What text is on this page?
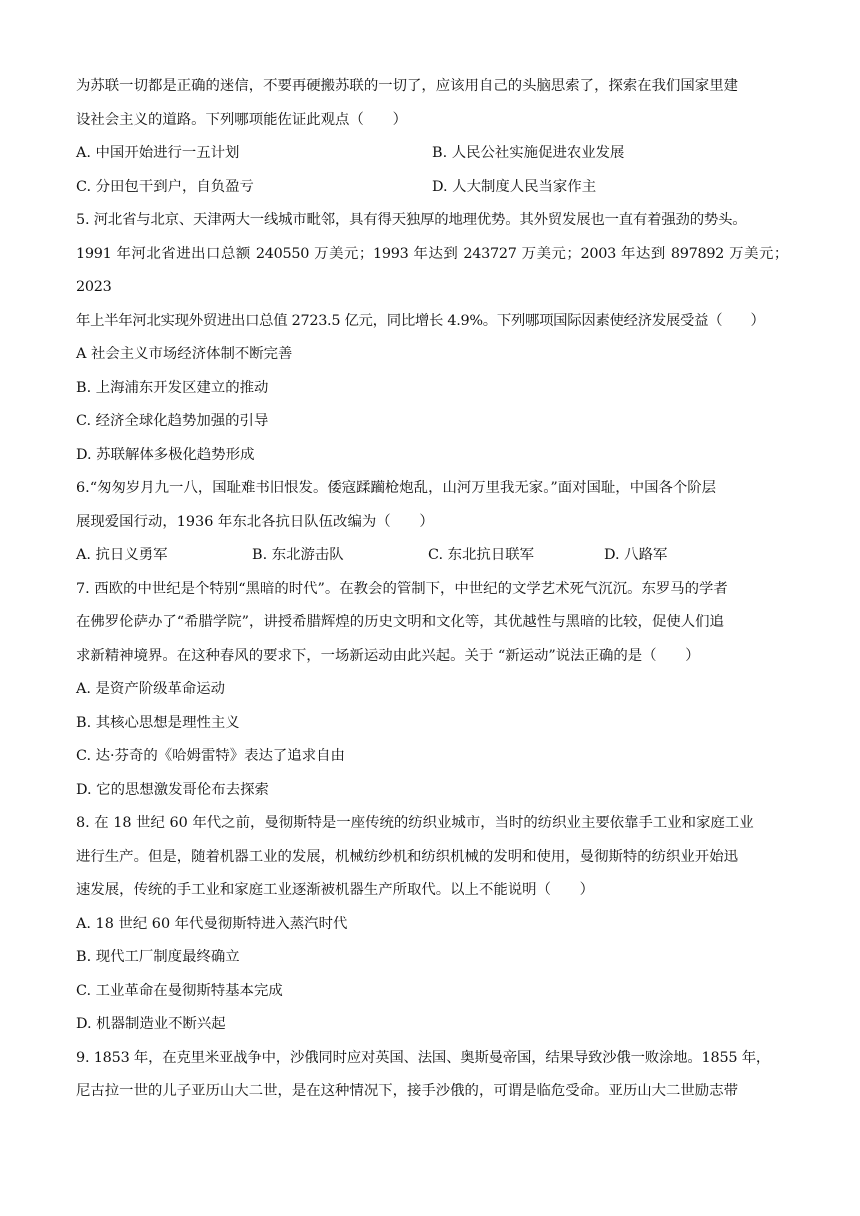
为苏联一切都是正确的迷信，不要再硬搬苏联的一切了，应该用自己的头脑思索了，探索在我们国家里建

设社会主义的道路。下列哪项能佐证此观点（　　）

A. 中国开始进行一五计划	B. 人民公社实施促进农业发展
C. 分田包干到户，自负盈亏	D. 人大制度人民当家作主

5. 河北省与北京、天津两大一线城市毗邻，具有得天独厚的地理优势。其外贸发展也一直有着强劲的势头。

1991 年河北省进出口总额 240550 万美元；1993 年达到 243727 万美元；2003 年达到 897892 万美元；2023

年上半年河北实现外贸进出口总值 2723.5 亿元，同比增长 4.9%。下列哪项国际因素使经济发展受益（　　）

A 社会主义市场经济体制不断完善

B. 上海浦东开发区建立的推动

C. 经济全球化趋势加强的引导

D. 苏联解体多极化趋势形成

6.“匆匆岁月九一八，国耻难书旧恨发。倭寇蹂躏枪炮乱，山河万里我无家。”面对国耻，中国各个阶层

展现爱国行动，1936 年东北各抗日队伍改编为（　　）

A. 抗日义勇军	B. 东北游击队	C. 东北抗日联军	D. 八路军

7. 西欧的中世纪是个特别“黑暗的时代”。在教会的管制下，中世纪的文学艺术死气沉沉。东罗马的学者

在佛罗伦萨办了“希腊学院”，讲授希腊辉煌的历史文明和文化等，其优越性与黑暗的比较，促使人们追

求新精神境界。在这种春风的要求下，一场新运动由此兴起。关于 “新运动”说法正确的是（　　）

A. 是资产阶级革命运动

B. 其核心思想是理性主义

C. 达·芬奇的《哈姆雷特》表达了追求自由

D. 它的思想激发哥伦布去探索

8. 在 18 世纪 60 年代之前，曼彻斯特是一座传统的纺织业城市，当时的纺织业主要依靠手工业和家庭工业

进行生产。但是，随着机器工业的发展，机械纺纱机和纺织机械的发明和使用，曼彻斯特的纺织业开始迅

速发展，传统的手工业和家庭工业逐渐被机器生产所取代。以上不能说明（　　）

A. 18 世纪 60 年代曼彻斯特进入蒸汽时代

B. 现代工厂制度最终确立

C. 工业革命在曼彻斯特基本完成

D. 机器制造业不断兴起

9. 1853 年，在克里米亚战争中，沙俄同时应对英国、法国、奥斯曼帝国，结果导致沙俄一败涂地。1855 年，

尼古拉一世的儿子亚历山大二世，是在这种情况下，接手沙俄的，可谓是临危受命。亚历山大二世励志带
